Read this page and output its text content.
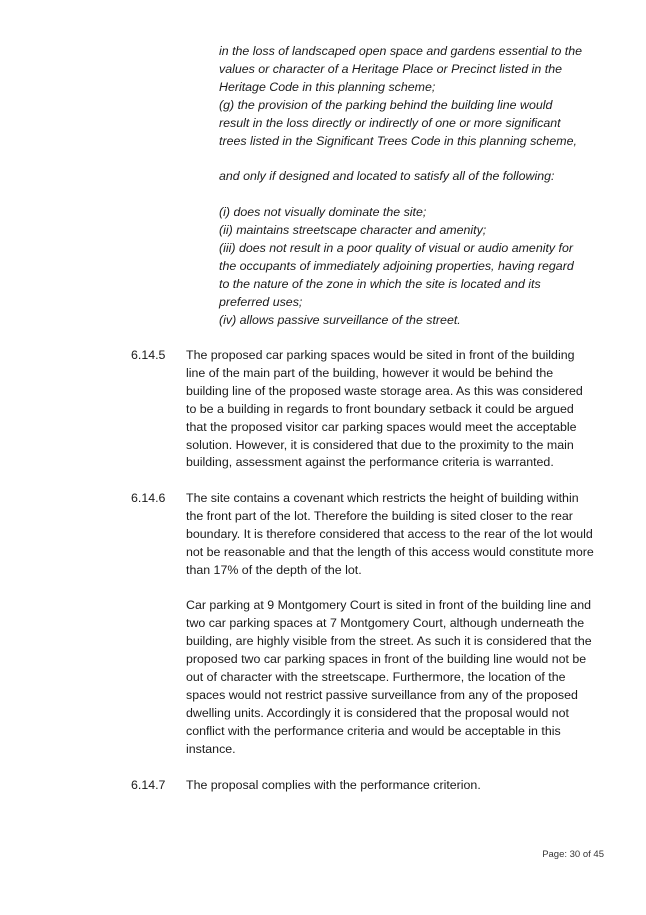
in the loss of landscaped open space and gardens essential to the

values or character of a Heritage Place or Precinct listed in the

Heritage Code in this planning scheme;

(g) the provision of the parking behind the building line would

result in the loss directly or indirectly of one or more significant

trees listed in the Significant Trees Code in this planning scheme,

and only if designed and located to satisfy all of the following:

(i) does not visually dominate the site;

(ii) maintains streetscape character and amenity;

(iii) does not result in a poor quality of visual or audio amenity for

the occupants of immediately adjoining properties, having regard

to the nature of the zone in which the site is located and its

preferred uses;

(iv) allows passive surveillance of the street.

6.14.5 The proposed car parking spaces would be sited in front of the building

line of the main part of the building, however it would be behind the

building line of the proposed waste storage area. As this was considered

to be a building in regards to front boundary setback it could be argued

that the proposed visitor car parking spaces would meet the acceptable

solution. However, it is considered that due to the proximity to the main

building, assessment against the performance criteria is warranted.

6.14.6 The site contains a covenant which restricts the height of building within

the front part of the lot. Therefore the building is sited closer to the rear

boundary. It is therefore considered that access to the rear of the lot would

not be reasonable and that the length of this access would constitute more

than 17% of the depth of the lot.

Car parking at 9 Montgomery Court is sited in front of the building line and

two car parking spaces at 7 Montgomery Court, although underneath the

building, are highly visible from the street. As such it is considered that the

proposed two car parking spaces in front of the building line would not be

out of character with the streetscape. Furthermore, the location of the

spaces would not restrict passive surveillance from any of the proposed

dwelling units. Accordingly it is considered that the proposal would not

conflict with the performance criteria and would be acceptable in this

instance.

6.14.7 The proposal complies with the performance criterion.

Page: 30 of 45
